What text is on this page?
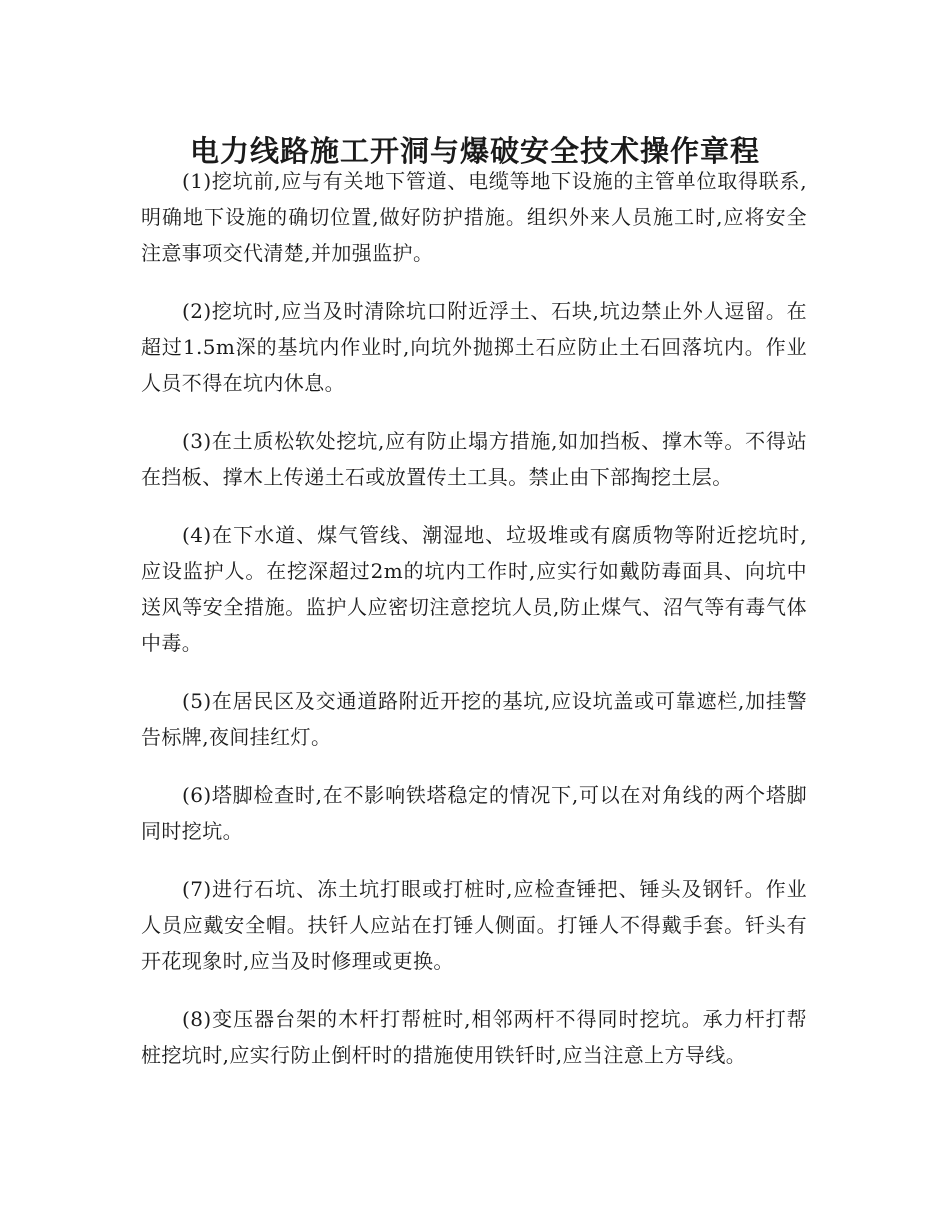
电力线路施工开洞与爆破安全技术操作章程

(1)挖坑前,应与有关地下管道、电缆等地下设施的主管单位取得联系,明确地下设施的确切位置,做好防护措施。组织外来人员施工时,应将安全注意事项交代清楚,并加强监护。

(2)挖坑时,应当及时清除坑口附近浮土、石块,坑边禁止外人逗留。在超过1.5m深的基坑内作业时,向坑外抛掷土石应防止土石回落坑内。作业人员不得在坑内休息。

(3)在土质松软处挖坑,应有防止塌方措施,如加挡板、撑木等。不得站在挡板、撑木上传递土石或放置传土工具。禁止由下部掏挖土层。

(4)在下水道、煤气管线、潮湿地、垃圾堆或有腐质物等附近挖坑时,应设监护人。在挖深超过2m的坑内工作时,应实行如戴防毒面具、向坑中送风等安全措施。监护人应密切注意挖坑人员,防止煤气、沼气等有毒气体中毒。

(5)在居民区及交通道路附近开挖的基坑,应设坑盖或可靠遮栏,加挂警告标牌,夜间挂红灯。

(6)塔脚检查时,在不影响铁塔稳定的情况下,可以在对角线的两个塔脚同时挖坑。

(7)进行石坑、冻土坑打眼或打桩时,应检查锤把、锤头及钢钎。作业人员应戴安全帽。扶钎人应站在打锤人侧面。打锤人不得戴手套。钎头有开花现象时,应当及时修理或更换。

(8)变压器台架的木杆打帮桩时,相邻两杆不得同时挖坑。承力杆打帮桩挖坑时,应实行防止倒杆时的措施使用铁钎时,应当注意上方导线。
